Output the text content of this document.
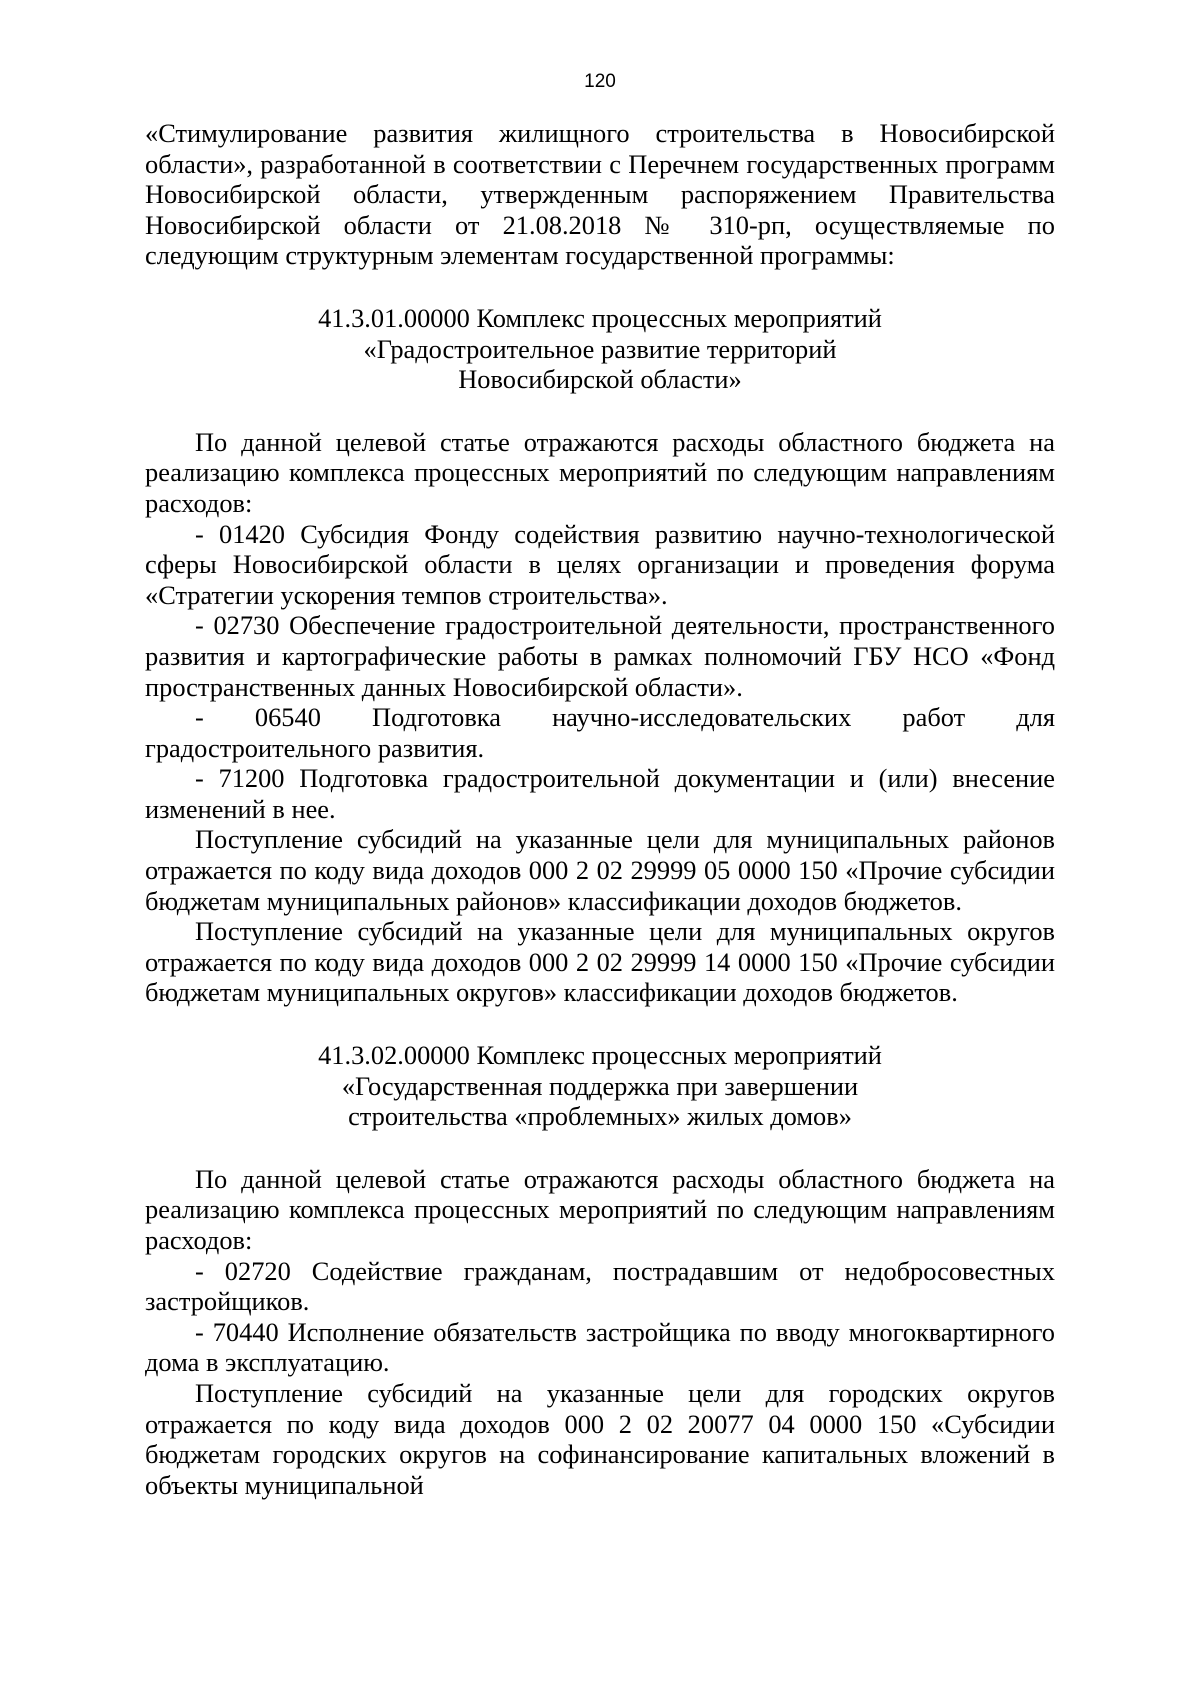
120

«Стимулирование развития жилищного строительства в Новосибирской области», разработанной в соответствии с Перечнем государственных программ Новосибирской области, утвержденным распоряжением Правительства Новосибирской области от 21.08.2018 № 310-рп, осуществляемые по следующим структурным элементам государственной программы:

41.3.01.00000 Комплекс процессных мероприятий
«Градостроительное развитие территорий
Новосибирской области»

По данной целевой статье отражаются расходы областного бюджета на реализацию комплекса процессных мероприятий по следующим направлениям расходов:

- 01420 Субсидия Фонду содействия развитию научно-технологической сферы Новосибирской области в целях организации и проведения форума «Стратегии ускорения темпов строительства».

- 02730 Обеспечение градостроительной деятельности, пространственного развития и картографические работы в рамках полномочий ГБУ НСО «Фонд пространственных данных Новосибирской области».

- 06540 Подготовка научно-исследовательских работ для градостроительного развития.

- 71200 Подготовка градостроительной документации и (или) внесение изменений в нее.

Поступление субсидий на указанные цели для муниципальных районов отражается по коду вида доходов 000 2 02 29999 05 0000 150 «Прочие субсидии бюджетам муниципальных районов» классификации доходов бюджетов.

Поступление субсидий на указанные цели для муниципальных округов отражается по коду вида доходов 000 2 02 29999 14 0000 150 «Прочие субсидии бюджетам муниципальных округов» классификации доходов бюджетов.

41.3.02.00000 Комплекс процессных мероприятий
«Государственная поддержка при завершении
строительства «проблемных» жилых домов»

По данной целевой статье отражаются расходы областного бюджета на реализацию комплекса процессных мероприятий по следующим направлениям расходов:

- 02720 Содействие гражданам, пострадавшим от недобросовестных застройщиков.

- 70440 Исполнение обязательств застройщика по вводу многоквартирного дома в эксплуатацию.

Поступление субсидий на указанные цели для городских округов отражается по коду вида доходов 000 2 02 20077 04 0000 150 «Субсидии бюджетам городских округов на софинансирование капитальных вложений в объекты муниципальной
